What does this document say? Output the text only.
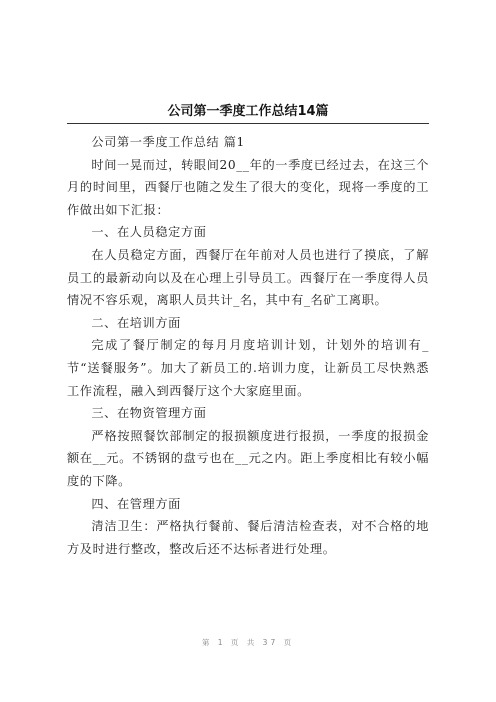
公司第一季度工作总结14篇

公司第一季度工作总结 篇1

时间一晃而过，转眼间20__年的一季度已经过去，在这三个月的时间里，西餐厅也随之发生了很大的变化，现将一季度的工作做出如下汇报：

一、在人员稳定方面

在人员稳定方面，西餐厅在年前对人员也进行了摸底，了解员工的最新动向以及在心理上引导员工。西餐厅在一季度得人员情况不容乐观，离职人员共计_名，其中有_名矿工离职。

二、在培训方面

完成了餐厅制定的每月月度培训计划，计划外的培训有_节“送餐服务”。加大了新员工的.培训力度，让新员工尽快熟悉工作流程，融入到西餐厅这个大家庭里面。

三、在物资管理方面

严格按照餐饮部制定的报损额度进行报损，一季度的报损金额在__元。不锈钢的盘亏也在__元之内。距上季度相比有较小幅度的下降。

四、在管理方面

清洁卫生：严格执行餐前、餐后清洁检查表，对不合格的地方及时进行整改，整改后还不达标者进行处理。

第 1 页 共 37 页
